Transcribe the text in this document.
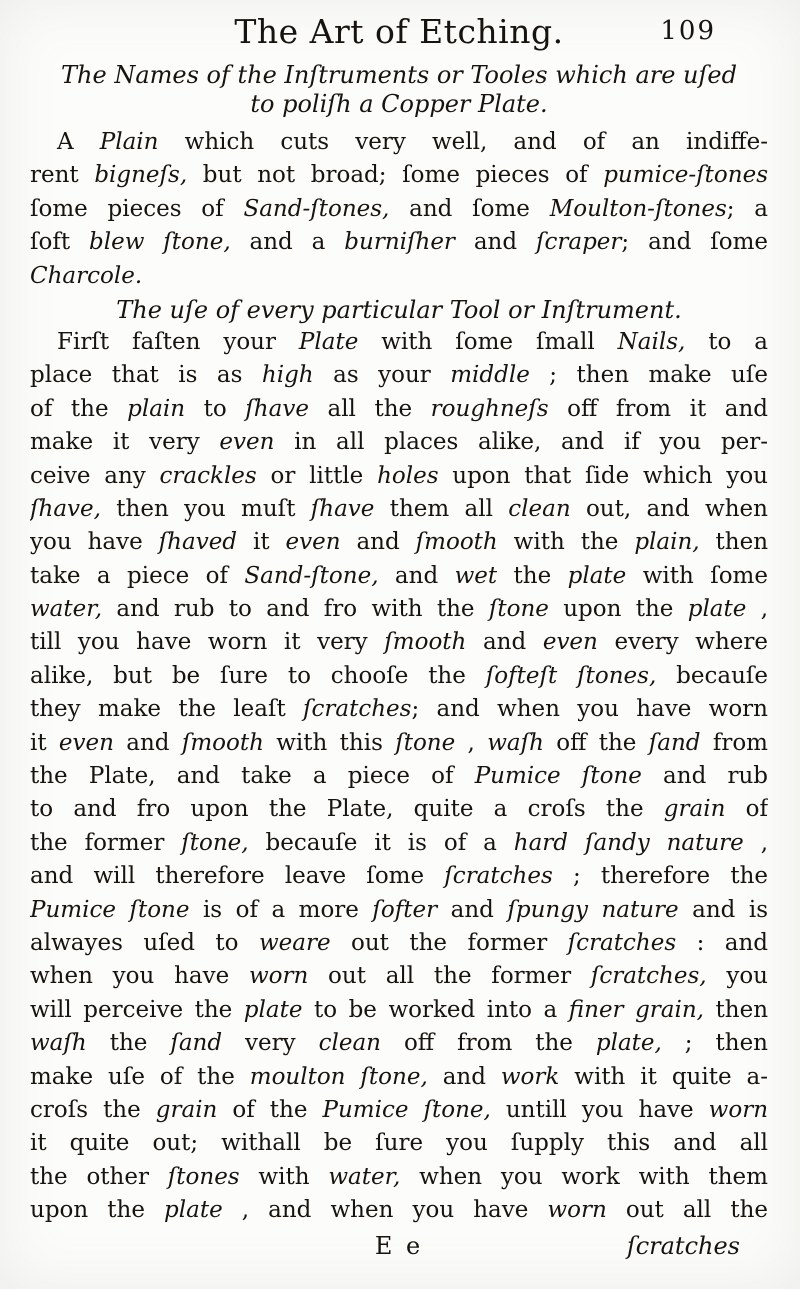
The Art of Etching.	109
The Names of the Inſtruments or Tooles which are uſed
to poliſh a Copper Plate.
A Plain which cuts very well, and of an indiffe-
rent bigneſs, but not broad; ſome pieces of pumice-ſtones
ſome pieces of Sand-ſtones, and ſome Moulton-ſtones; a
ſoft blew ſtone, and a burniſher and ſcraper; and ſome
Charcole.
The uſe of every particular Tool or Inſtrument.
Firſt faſten your Plate with ſome ſmall Nails, to a
place that is as high as your middle ; then make uſe
of the plain to ſhave all the roughneſs off from it and
make it very even in all places alike, and if you per-
ceive any crackles or little holes upon that ſide which you
ſhave, then you muſt ſhave them all clean out, and when
you have ſhaved it even and ſmooth with the plain, then
take a piece of Sand-ſtone, and wet the plate with ſome
water, and rub to and fro with the ſtone upon the plate ,
till you have worn it very ſmooth and even every where
alike, but be ſure to chooſe the ſofteſt ſtones, becauſe
they make the leaſt ſcratches; and when you have worn
it even and ſmooth with this ſtone , waſh off the ſand from
the Plate, and take a piece of Pumice ſtone and rub
to and fro upon the Plate, quite a croſs the grain of
the former ſtone, becauſe it is of a hard ſandy nature ,
and will therefore leave ſome ſcratches ; therefore the
Pumice ſtone is of a more ſofter and ſpungy nature and is
alwayes uſed to weare out the former ſcratches : and
when you have worn out all the former ſcratches, you
will perceive the plate to be worked into a finer grain, then
waſh the ſand very clean off from the plate, ; then
make uſe of the moulton ſtone, and work with it quite a-
croſs the grain of the Pumice ſtone, untill you have worn
it quite out; withall be ſure you ſupply this and all
the other ſtones with water, when you work with them
upon the plate , and when you have worn out all the
E e	ſcratches
